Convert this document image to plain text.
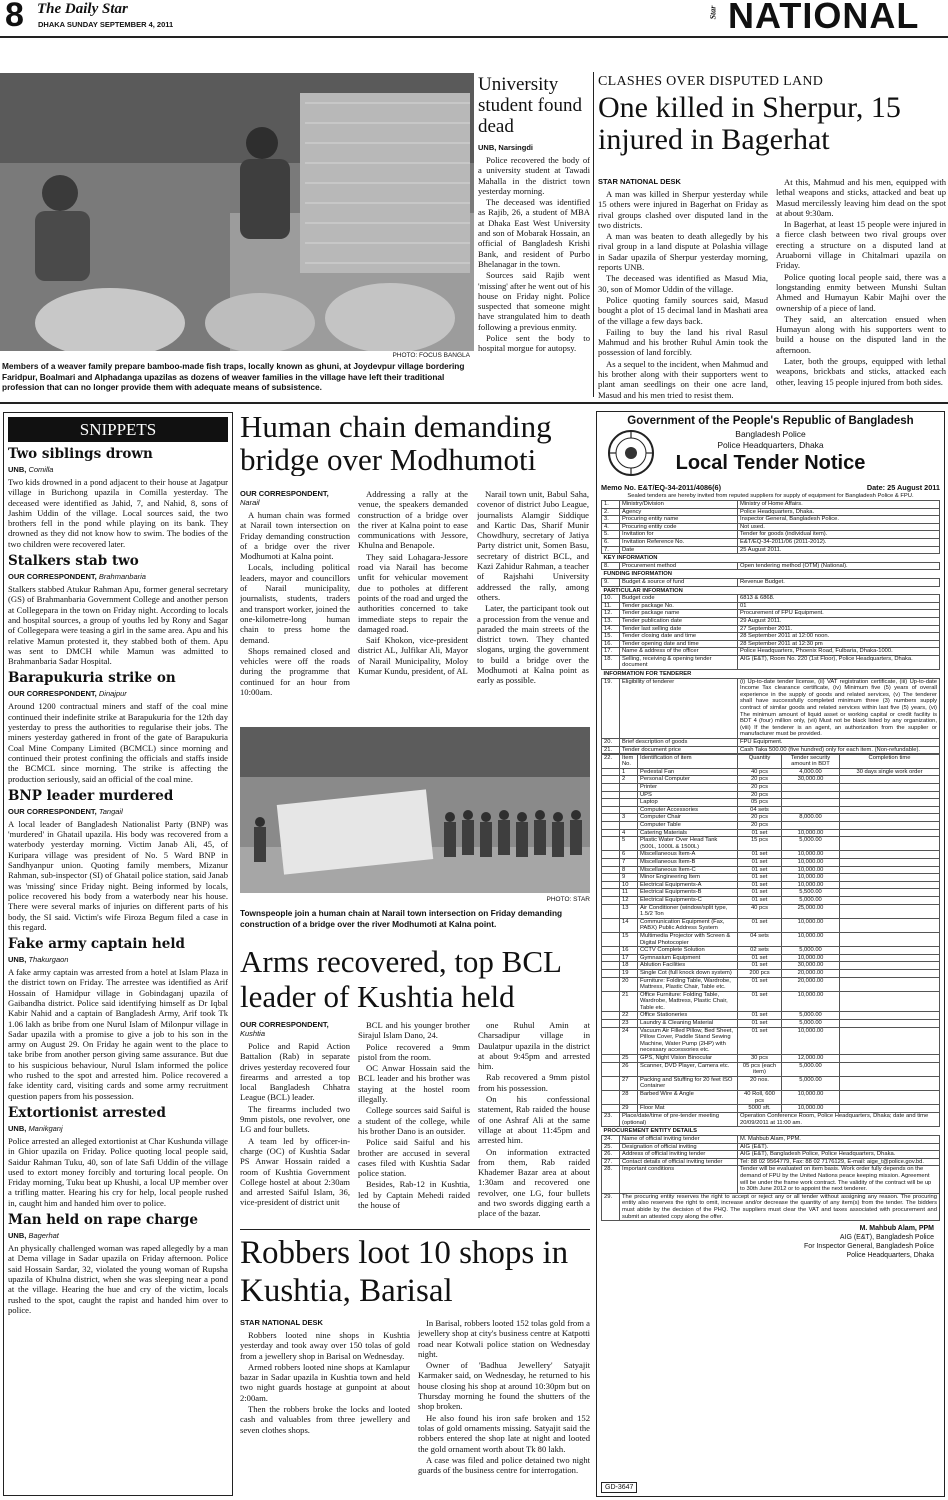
8 The Daily Star
DHAKA SUNDAY SEPTEMBER 4, 2011
Star NATIONAL
PHOTO: FOCUS BANGLA
Members of a weaver family prepare bamboo-made fish traps, locally known as ghuni, at Joydevpur village bordering Faridpur, Boalmari and Alphadanga upazilas as dozens of weaver families in the village have left their traditional profession that can no longer provide them with adequate means of subsistence.
University student found dead
UNB, Narsingdi

Police recovered the body of a university student at Tawadi Mahalla in the district town yesterday morning.

The deceased was identified as Rajib, 26, a student of MBA at Dhaka East West University and son of Mobarak Hossain, an official of Bangladesh Krishi Bank, and resident of Purbo Bhelanagar in the town.

Sources said Rajib went 'missing' after he went out of his house on Friday night. Police suspected that someone might have strangulated him to death following a previous enmity.

Police sent the body to hospital morgue for autopsy.

CLASHES OVER DISPUTED LAND
One killed in Sherpur, 15 injured in Bagerhat
STAR NATIONAL DESK

A man was killed in Sherpur yesterday while 15 others were injured in Bagerhat on Friday as rival groups clashed over disputed land in the two districts.

A man was beaten to death allegedly by his rival group in a land dispute at Polashia village in Sadar upazila of Sherpur yesterday morning, reports UNB.

The deceased was identified as Masud Mia, 30, son of Momor Uddin of the village.

Police quoting family sources said, Masud bought a plot of 15 decimal land in Mashati area of the village a few days back.

Failing to buy the land his rival Rasul Mahmud and his brother Ruhul Amin took the possession of land forcibly.

As a sequel to the incident, when Mahmud and his brother along with their supporters went to plant aman seedlings on their one acre land, Masud and his men tried to resist them.

At this, Mahmud and his men, equipped with lethal weapons and sticks, attacked and beat up Masud mercilessly leaving him dead on the spot at about 9:30am.

In Bagerhat, at least 15 people were injured in a fierce clash between two rival groups over erecting a structure on a disputed land at Aruaborni village in Chitalmari upazila on Friday.

Police quoting local people said, there was a longstanding enmity between Munshi Sultan Ahmed and Humayun Kabir Majhi over the ownership of a piece of land.

They said, an altercation ensued when Humayun along with his supporters went to build a house on the disputed land in the afternoon.

Later, both the groups, equipped with lethal weapons, brickbats and sticks, attacked each other, leaving 15 people injured from both sides.

SNIPPETS
Two siblings drown
UNB, Comilla

Two kids drowned in a pond adjacent to their house at Jagatpur village in Burichong upazila in Comilla yesterday. The deceased were identified as Jahid, 7, and Nahid, 8, sons of Jashim Uddin of the village. Local sources said, the two brothers fell in the pond while playing on its bank. They drowned as they did not know how to swim. The bodies of the two children were recovered later.

Stalkers stab two
OUR CORRESPONDENT, Brahmanbaria

Stalkers stabbed Atukur Rahman Apu, former general secretary (GS) of Brahmanbaria Government College and another person at Collegepara in the town on Friday night. According to locals and hospital sources, a group of youths led by Rony and Sagar of Collegepara were teasing a girl in the same area. Apu and his relative Mamun protested it, they stabbed both of them. Apu was sent to DMCH while Mamun was admitted to Brahmanbaria Sadar Hospital.

Barapukuria strike on
OUR CORRESPONDENT, Dinajpur

Around 1200 contractual miners and staff of the coal mine continued their indefinite strike at Barapukuria for the 12th day yesterday to press the authorities to regularise their jobs. The miners yesterday gathered in front of the gate of Barapukuria Coal Mine Company Limited (BCMCL) since morning and continued their protest confining the officials and staffs inside the BCMCL since morning. The strike is affecting the production seriously, said an official of the coal mine.

BNP leader murdered
OUR CORRESPONDENT, Tangail

A local leader of Bangladesh Nationalist Party (BNP) was 'murdered' in Ghatail upazila. His body was recovered from a waterbody yesterday morning. Victim Janab Ali, 45, of Kuripara village was president of No. 5 Ward BNP in Sandhyanpur union. Quoting family members, Mizanur Rahman, sub-inspector (SI) of Ghatail police station, said Janab was 'missing' since Friday night. Being informed by locals, police recovered his body from a waterbody near his house. There were several marks of injuries on different parts of his body, the SI said. Victim's wife Firoza Begum filed a case in this regard.

Fake army captain held
UNB, Thakurgaon

A fake army captain was arrested from a hotel at Islam Plaza in the district town on Friday. The arrestee was identified as Arif Hossain of Hamidpur village in Gobindaganj upazila of Gaibandha district. Police said identifying himself as Dr Iqbal Kabir Nahid and a captain of Bangladesh Army, Arif took Tk 1.06 lakh as bribe from one Nurul Islam of Milonpur village in Sadar upazila with a promise to give a job to his son in the army on August 29. On Friday he again went to the place to take bribe from another person giving same assurance. But due to his suspicious behaviour, Nurul Islam informed the police who rushed to the spot and arrested him. Police recovered a fake identity card, visiting cards and some army recruitment question papers from his possession.

Extortionist arrested
UNB, Manikganj

Police arrested an alleged extortionist at Char Kushunda village in Ghior upazila on Friday. Police quoting local people said, Saidur Rahman Tuku, 40, son of late Safi Uddin of the village used to extort money forcibly and torturing local people. On Friday morning, Tuku beat up Khushi, a local UP member over a trifling matter. Hearing his cry for help, local people rushed in, caught him and handed him over to police.

Man held on rape charge
UNB, Bagerhat

An physically challenged woman was raped allegedly by a man at Dema village in Sadar upazila on Friday afternoon. Police said Hossain Sardar, 32, violated the young woman of Rupsha upazila of Khulna district, when she was sleeping near a pond at the village. Hearing the hue and cry of the victim, locals rushed to the spot, caught the rapist and handed him over to police.

Human chain demanding bridge over Modhumoti
OUR CORRESPONDENT,
Narail

A human chain was formed at Narail town intersection on Friday demanding construction of a bridge over the river Modhumoti at Kalna point.

Locals, including political leaders, mayor and councillors of Narail municipality, journalists, students, traders and transport worker, joined the one-kilometre-long human chain to press home the demand.

Shops remained closed and vehicles were off the roads during the programme that continued for an hour from 10:00am.

Addressing a rally at the venue, the speakers demanded construction of a bridge over the river at Kalna point to ease communications with Jessore, Khulna and Benapole.

They said Lohagara-Jessore road via Narail has become unfit for vehicular movement due to potholes at different points of the road and urged the authorities concerned to take immediate steps to repair the damaged road.

Saif Khokon, vice-president district AL, Julfikar Ali, Mayor of Narail Municipality, Moloy Kumar Kundu, president, of AL

Narail town unit, Babul Saha, covenor of district Jubo League, journalists Alamgir Siddique and Kartic Das, Sharif Munir Chowdhury, secretary of Jatiya Party district unit, Somen Basu, secretary of district BCL, and Kazi Zahidur Rahman, a teacher of Rajshahi University addressed the rally, among others.

Later, the participant took out a procession from the venue and paraded the main streets of the district town. They chanted slogans, urging the government to build a bridge over the Modhumoti at Kalna point as early as possible.

PHOTO: STAR
Townspeople join a human chain at Narail town intersection on Friday demanding construction of a bridge over the river Modhumoti at Kalna point.
Arms recovered, top BCL leader of Kushtia held
OUR CORRESPONDENT,
Kushtia

Police and Rapid Action Battalion (Rab) in separate drives yesterday recovered four firearms and arrested a top local Bangladesh Chhatra League (BCL) leader.

The firearms included two 9mm pistols, one revolver, one LG and four bullets.

A team led by officer-in-charge (OC) of Kushtia Sadar PS Anwar Hossain raided a room of Kushtia Government College hostel at about 2:30am and arrested Saiful Islam, 36, vice-president of district unit

BCL and his younger brother Sirajul Islam Dano, 24.

Police recovered a 9mm pistol from the room.

OC Anwar Hossain said the BCL leader and his brother was staying at the hostel room illegally.

College sources said Saiful is a student of the college, while his brother Dano is an outsider.

Police said Saiful and his brother are accused in several cases filed with Kushtia Sadar police station.

Besides, Rab-12 in Kushtia, led by Captain Mehedi raided the house of

one Ruhul Amin at Charsadipur village in Daulatpur upazila in the district at about 9:45pm and arrested him.

Rab recovered a 9mm pistol from his possession.

On his confessional statement, Rab raided the house of one Ashraf Ali at the same village at about 11:45pm and arrested him.

On information extracted from them, Rab raided Khademer Bazar area at about 1:30am and recovered one revolver, one LG, four bullets and two swords digging earth a place of the bazar.

Robbers loot 10 shops in Kushtia, Barisal
STAR NATIONAL DESK

Robbers looted nine shops in Kushtia yesterday and took away over 150 tolas of gold from a jewellery shop in Barisal on Wednesday.

Armed robbers looted nine shops at Kamlapur bazar in Sadar upazila in Kushtia town and held two night guards hostage at gunpoint at about 2:00am.

Then the robbers broke the locks and looted cash and valuables from three jewellery and seven clothes shops.

In Barisal, robbers looted 152 tolas gold from a jewellery shop at city's business centre at Katpotti road near Kotwali police station on Wednesday night.

Owner of 'Badhua Jewellery' Satyajit Karmaker said, on Wednesday, he returned to his house closing his shop at around 10:30pm but on Thursday morning he found the shutters of the shop broken.

He also found his iron safe broken and 152 tolas of gold ornaments missing. Satyajit said the robbers entered the shop late at night and looted the gold ornament worth about Tk 80 lakh.

A case was filed and police detained two night guards of the business centre for interrogation.

Government of the People's Republic of Bangladesh
Bangladesh Police
Police Headquarters, Dhaka
Local Tender Notice
Memo No. E&T/EQ-34-2011/4086(6)	Date: 25 August 2011
Sealed tenders are hereby invited from reputed suppliers for supply of equipment for Bangladesh Police & FPU.
1.	Ministry/Division	Ministry of Home Affairs.
2.	Agency	Police Headquarters, Dhaka.
3.	Procuring entity name	Inspector General, Bangladesh Police.
4.	Procuring entity code	Not used.
5.	Invitation for	Tender for goods (individual item).
6.	Invitation Reference No.	E&T/EQ-34-2011/06 (2011-2012).
7.	Date	25 August 2011.
KEY INFORMATION		
8.	Procurement method	Open tendering method (OTM) (National).
FUNDING INFORMATION		
9.	Budget & source of fund	Revenue Budget.
PARTICULAR INFORMATION		
10.	Budget code	6813 & 6868.
11.	Tender package No.	01
12.	Tender package name	Procurement of FPU Equipment.
13.	Tender publication date	29 August 2011.
14.	Tender last selling date	27 September 2011.
15.	Tender closing date and time	28 September 2011 at 12:00 noon.
16.	Tender opening date and time	28 September 2011 at 12:30 pm
17.	Name & address of the officer	Police Headquarters, Phoenix Road, Fulbaria, Dhaka-1000.
18.	Selling, receiving & opening tender document	AIG (E&T), Room No. 220 (1st Floor), Police Headquarters, Dhaka.
INFORMATION FOR TENDERER		
19.	Eligibility of tenderer	(i) Up-to-date tender license, (ii) VAT registration certificate, (iii) Up-to-date Income Tax clearance certificate, (iv) Minimum five (5) years of overall experience in the supply of goods and related services, (v) The tenderer shall have successfully completed minimum three (3) numbers supply contract of similar goods and related services within last five (5) years, (vi) The minimum amount of liquid asset or working capital or credit facility is BDT 4 (four) million only, (vii) Must not be black listed by any organization, (viii) If the tenderer is an agent, an authorization from the supplier or manufacturer must be provided.
20.	Brief description of goods	FPU Equipment.
21.	Tender document price	Cash Taka 500.00 (five hundred) only for each item. (Non-refundable).
22.	Item No.	Identification of item	Quantity	Tender security amount in BDT	Completion time
	1	Pedestal Fan	40 pcs	4,000.00	30 days single work order
	2	Personal Computer	20 pcs	30,000.00	
		Printer	20 pcs		
		UPS	20 pcs		
		Laptop	05 pcs		
		Computer Accessories	04 sets		
	3	Computer Chair	20 pcs	8,000.00	
		Computer Table	20 pcs		
	4	Catering Materials	01 set	10,000.00	
	5	Plastic Water Over Head Tank (500L, 1000L & 1500L)	15 pcs	5,000.00	
	6	Miscellaneous Item-A	01 set	10,000.00	
	7	Miscellaneous Item-B	01 set	10,000.00	
	8	Miscellaneous Item-C	01 set	10,000.00	
	9	Minor Engineering Item	01 set	10,000.00	
	10	Electrical Equipments-A	01 set	10,000.00	
	11	Electrical Equipments-B	01 set	5,500.00	
	12	Electrical Equipments-C	01 set	5,000.00	
	13	Air Conditioner (window/split type, 1.5/2 Ton	40 pcs	25,000.00	
	14	Communication Equipment (Fax, PABX) Public Address System	01 set	10,000.00	
	15	Multimedia Projector with Screen & Digital Photocopier	04 sets	10,000.00	
	16	CCTV Complete Solution	02 sets	5,000.00	
	17	Gymnasium Equipment	01 set	10,000.00	
	18	Ablution Facilities	01 set	30,000.00	
	19	Single Cot (full knock down system)	200 pcs	20,000.00	
	20	Furniture: Folding Table, Wardrobe, Mattress, Plastic Chair, Table etc.	01 set	20,000.00	
	21	Office Furniture: Folding Table, Wardrobe, Mattress, Plastic Chair, Table etc.	01 set	10,000.00	
	22	Office Stationeries	01 set	5,000.00	
	23	Laundry & Cleaning Material	01 set	5,000.00	
	24	Vacuum Air Filled Pillow, Bed Sheet, Pillow Cover, Paddle Stand Sewing Machine, Water Pump (2HP) with necessary accessories etc.	01 set	10,000.00	
	25	GPS, Night Vision Binocular	30 pcs	12,000.00	
	26	Scanner, DVD Player, Camera etc.	05 pcs (each item)	5,000.00	
	27	Packing and Stuffing for 20 feet ISO Container	20 nos.	5,000.00	
	28	Barbed Wire & Angle	40 Roll, 600 pcs	10,000.00	
	29	Floor Mat	5000 sft.	10,000.00	
23.	Place/date/time of pre-tender meeting (optional)	Operation Conference Room, Police Headquarters, Dhaka; date and time 20/09/2011 at 11:00 am.
PROCUREMENT ENTITY DETAILS		
24.	Name of official inviting tender	M. Mahbub Alam, PPM.
25.	Designation of official inviting	AIG (E&T).
26.	Address of official inviting tender	AIG (E&T), Bangladesh Police, Police Headquarters, Dhaka.
27.	Contact details of official inviting tender	Tel: 88 02 9564779, Fax: 88 02 7176129, E-mail: aige_t@police.gov.bd.
28.	Important conditions	Tender will be evaluated on item basis. Work order fully depends on the demand of FPU by the United Nations peace keeping mission. Agreement will be under the frame work contract. The validity of the contract will be up to 30th June 2012 or to appoint the next tenderer.
29.	The procuring entity reserves the right to accept or reject any or all tender without assigning any reason. The procuring entity also reserves the right to omit, increase and/or decrease the quantity of any item(s) from the tender. The bidders must abide by the decision of the PHQ. The suppliers must clear the VAT and taxes associated with procurement and submit an attested copy along the offer.	
M. Mahbub Alam, PPM
AIG (E&T), Bangladesh Police
For Inspector General, Bangladesh Police
Police Headquarters, Dhaka
GD-3647
